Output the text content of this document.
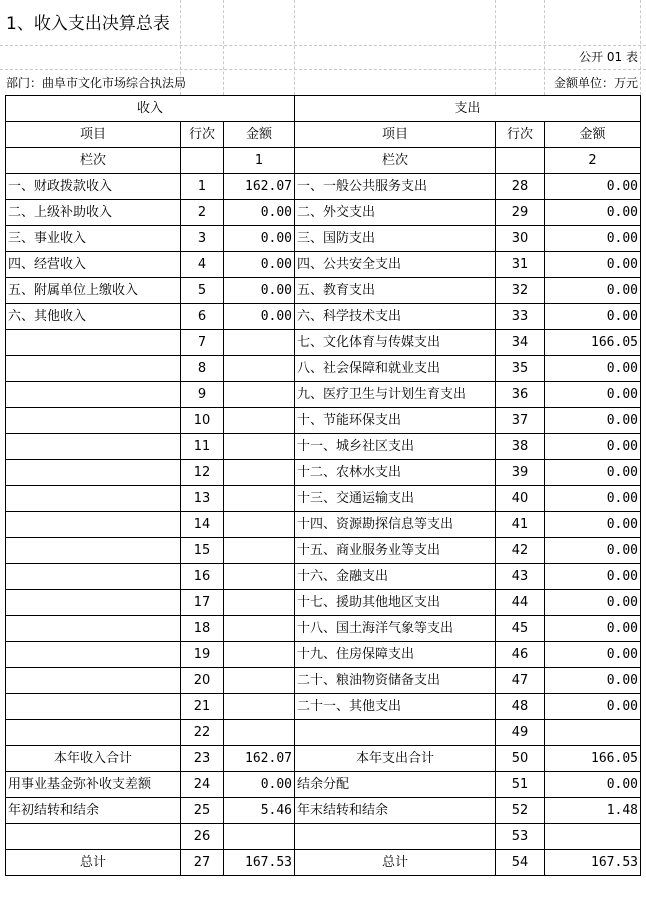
1、收入支出决算总表
公开 01 表
部门：曲阜市文化市场综合执法局	金额单位：万元
收入			支出		
项目	行次	金额	项目	行次	金额
栏次		1	栏次		2
一、财政拨款收入	1	162.07	一、一般公共服务支出	28	0.00
二、上级补助收入	2	0.00	二、外交支出	29	0.00
三、事业收入	3	0.00	三、国防支出	30	0.00
四、经营收入	4	0.00	四、公共安全支出	31	0.00
五、附属单位上缴收入	5	0.00	五、教育支出	32	0.00
六、其他收入	6	0.00	六、科学技术支出	33	0.00
	7		七、文化体育与传媒支出	34	166.05
	8		八、社会保障和就业支出	35	0.00
	9		九、医疗卫生与计划生育支出	36	0.00
	10		十、节能环保支出	37	0.00
	11		十一、城乡社区支出	38	0.00
	12		十二、农林水支出	39	0.00
	13		十三、交通运输支出	40	0.00
	14		十四、资源勘探信息等支出	41	0.00
	15		十五、商业服务业等支出	42	0.00
	16		十六、金融支出	43	0.00
	17		十七、援助其他地区支出	44	0.00
	18		十八、国土海洋气象等支出	45	0.00
	19		十九、住房保障支出	46	0.00
	20		二十、粮油物资储备支出	47	0.00
	21		二十一、其他支出	48	0.00
	22			49	
本年收入合计	23	162.07	本年支出合计	50	166.05
用事业基金弥补收支差额	24	0.00	结余分配	51	0.00
年初结转和结余	25	5.46	年末结转和结余	52	1.48
	26			53	
总计	27	167.53	总计	54	167.53
